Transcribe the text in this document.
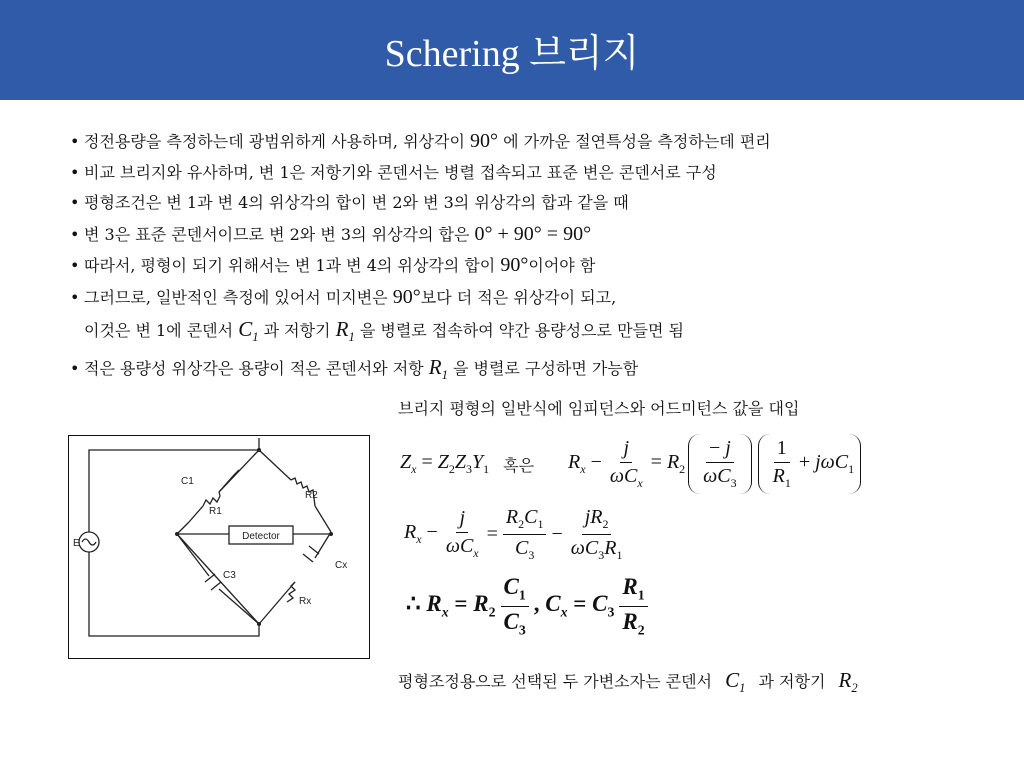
Schering 브리지
• 정전용량을 측정하는데 광범위하게 사용하며, 위상각이 90° 에 가까운 절연특성을 측정하는데 편리
• 비교 브리지와 유사하며, 변 1은 저항기와 콘덴서는 병렬 접속되고 표준 변은 콘덴서로 구성
• 평형조건은 변 1과 변 4의 위상각의 합이 변 2와 변 3의 위상각의 합과 같을 때
• 변 3은 표준 콘덴서이므로 변 2와 변 3의 위상각의 합은 0° + 90° = 90°
• 따라서, 평형이 되기 위해서는 변 1과 변 4의 위상각의 합이 90°이어야 함
• 그러므로, 일반적인 측정에 있어서 미지변은 90°보다 더 적은 위상각이 되고,
이것은 변 1에 콘덴서 $C_1$ 과 저항기 $R_1$ 을 병렬로 접속하여 약간 용량성으로 만들면 됨
• 적은 용량성 위상각은 용량이 적은 콘덴서와 저항 $R_1$ 을 병렬로 구성하면 가능함
브리지 평형의 일반식에 임피던스와 어드미턴스 값을 대입
$Z_x = Z_2Z_3Y_1$ 혹은 $R_x - \frac{j}{\omega C_x} = R_2 \frac{- j}{\omega C_3} \frac{1}{R_1} + j\omega C_1$
$R_x - \frac{j}{\omega C_x} = \frac{R_2C_1}{C_3} - \frac{jR_2}{\omega C_3R_1}$
∴ $R_x = R_2 \frac{C_1}{C_3}$ , $C_x = C_3 \frac{R_1}{R_2}$
평형조정용으로 선택된 두 가변소자는 콘덴서 $C_1$ 과 저항기 $R_2$
Detector
C1
R1
R2
Cx
C3
Rx
E
